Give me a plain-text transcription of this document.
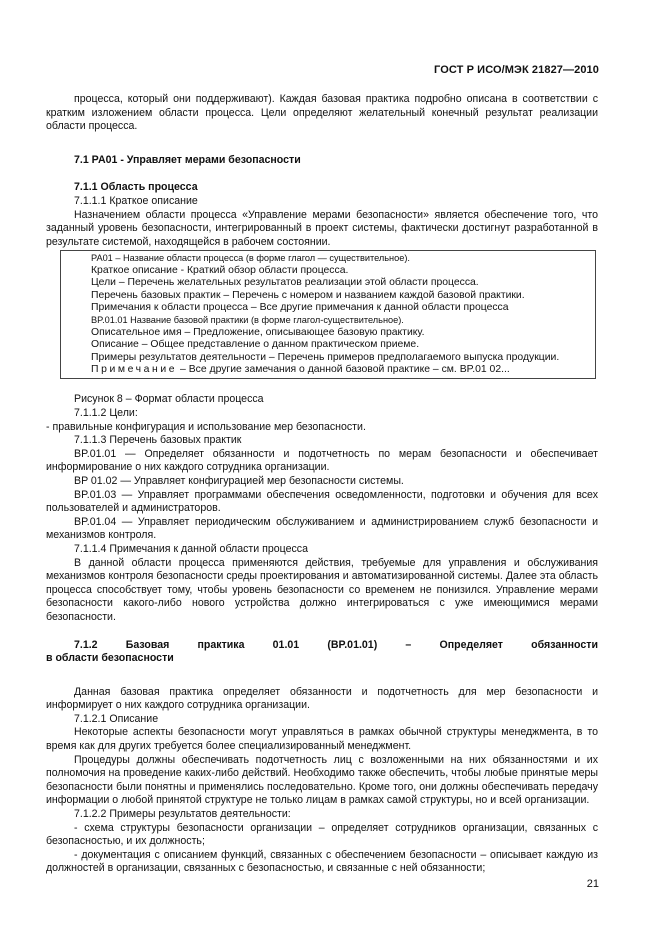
ГОСТ Р ИСО/МЭК 21827—2010

процесса, который они поддерживают). Каждая базовая практика подробно описана в соответствии с кратким изложением области процесса. Цели определяют желательный конечный результат реализации области процесса.

7.1 PA01 - Управляет мерами безопасности

7.1.1 Область процесса

7.1.1.1 Краткое описание

Назначением области процесса «Управление мерами безопасности» является обеспечение того, что заданный уровень безопасности, интегрированный в проект системы, фактически достигнут разработанной в результате системой, находящейся в рабочем состоянии.

PA01 – Название области процесса (в форме глагол — существительное).

Краткое описание - Краткий обзор области процесса.

Цели – Перечень желательных результатов реализации этой области процесса.

Перечень базовых практик – Перечень с номером и названием каждой базовой практики.

Примечания к области процесса – Все другие примечания к данной области процесса

BP.01.01 Название базовой практики (в форме глагол-существительное).

Описательное имя – Предложение, описывающее базовую практику.

Описание – Общее представление о данном практическом приеме.

Примеры результатов деятельности – Перечень примеров предполагаемого выпуска продукции.

Примечание – Все другие замечания о данной базовой практике – см. BP.01 02...

Рисунок 8 – Формат области процесса

7.1.1.2 Цели:

- правильные конфигурация и использование мер безопасности.

7.1.1.3 Перечень базовых практик

BP.01.01 — Определяет обязанности и подотчетность по мерам безопасности и обеспечивает информирование о них каждого сотрудника организации.

BP 01.02 — Управляет конфигурацией мер безопасности системы.

BP.01.03 — Управляет программами обеспечения осведомленности, подготовки и обучения для всех пользователей и администраторов.

BP.01.04 — Управляет периодическим обслуживанием и администрированием служб безопасности и механизмов контроля.

7.1.1.4 Примечания к данной области процесса

В данной области процесса применяются действия, требуемые для управления и обслуживания механизмов контроля безопасности среды проектирования и автоматизированной системы. Далее эта область процесса способствует тому, чтобы уровень безопасности со временем не понизился. Управление мерами безопасности какого-либо нового устройства должно интегрироваться с уже имеющимися мерами безопасности.

7.1.2	Базовая	практика	01.01	(BP.01.01)	–	Определяет	обязанности

в области безопасности

Данная базовая практика определяет обязанности и подотчетность для мер безопасности и информирует о них каждого сотрудника организации.

7.1.2.1 Описание

Некоторые аспекты безопасности могут управляться в рамках обычной структуры менеджмента, в то время как для других требуется более специализированный менеджмент.

Процедуры должны обеспечивать подотчетность лиц с возложенными на них обязанностями и их полномочия на проведение каких-либо действий. Необходимо также обеспечить, чтобы любые принятые меры безопасности были понятны и применялись последовательно. Кроме того, они должны обеспечивать передачу информации о любой принятой структуре не только лицам в рамках самой структуры, но и всей организации.

7.1.2.2 Примеры результатов деятельности:

- схема структуры безопасности организации – определяет сотрудников организации, связанных с безопасностью, и их должность;

- документация с описанием функций, связанных с обеспечением безопасности – описывает каждую из должностей в организации, связанных с безопасностью, и связанные с ней обязанности;

21
